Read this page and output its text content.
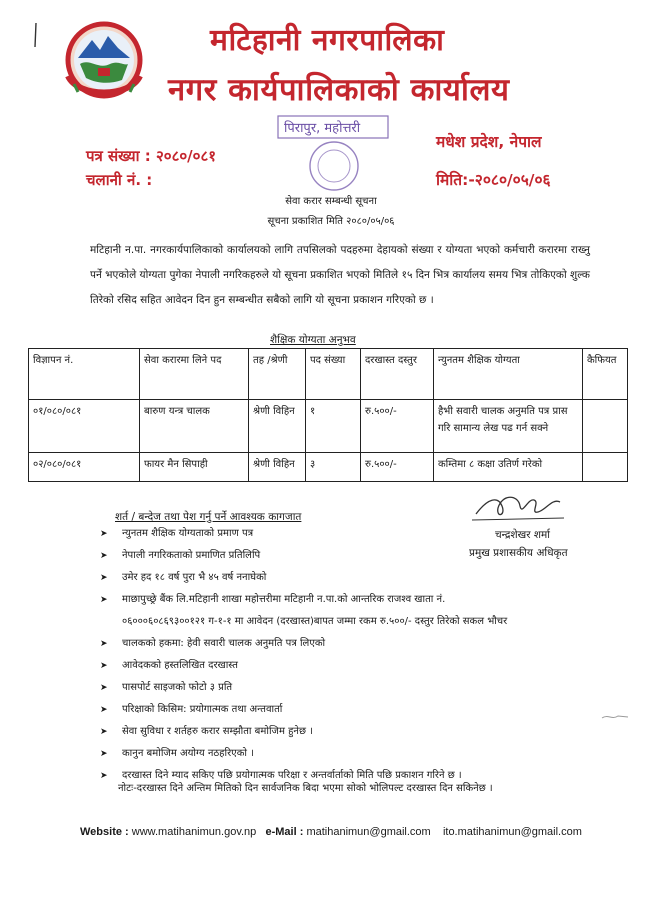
मटिहानी नगरपालिका
नगर कार्यपालिकाको कार्यालय
पत्र संख्या : २०८०/०८१
चलानी नं. :
मधेश प्रदेश, नेपाल
मिति:-२०८०/०५/०६
पिरापुर, महोत्तरी
सेवा करार सम्बन्धी सूचना
सूचना प्रकाशित मिति २०८०/०५/०६
मटिहानी न.पा. नगरकार्यपालिकाको कार्यालयको लागि तपसिलको पदहरुमा देहायको संख्या र योग्यता भएको कर्मचारी करारमा राख्नु पर्ने भएकोले योग्यता पुगेका नेपाली नगरिकहरुले यो सूचना प्रकाशित भएको मितिले १५ दिन भित्र कार्यालय समय भित्र तोकिएको शुल्क तिरेको रसिद सहित आवेदन दिन हुन सम्बन्धीत सबैको लागि यो सूचना प्रकाशन गरिएको छ ।
शैक्षिक योग्यता अनुभव
विज्ञापन नं.	सेवा करारमा लिने पद	तह /श्रेणी	पद संख्या	दरखास्त दस्तुर	न्युनतम शैक्षिक योग्यता	कैफियत
०१/०८०/०८१	बारुण यन्त्र चालक	श्रेणी विहिन	१	रु.५००/-	हैभी सवारी चालक अनुमति पत्र प्रास गरि सामान्य लेख पढ गर्न सक्ने	
०२/०८०/०८१	फायर मैन सिपाही	श्रेणी विहिन	३	रु.५००/-	कम्तिमा ८ कक्षा उतिर्ण गरेको	
चन्द्रशेखर शर्मा
प्रमुख प्रशासकीय अधिकृत
शर्त / बन्देज तथा पेश गर्नु पर्ने आवश्यक कागजात
➤ न्युनतम शैक्षिक योग्यताको प्रमाण पत्र
➤ नेपाली नगरिकताको प्रमाणित प्रतिलिपि
➤ उमेर हद १८ वर्ष पुरा भै ४५ वर्ष ननाघेको
➤ माछापुच्छ्रे बैंक लि.मटिहानी शाखा महोत्तरीमा मटिहानी न.पा.को आन्तरिक राजश्व खाता नं.
०६०००६०८६९३००१२१ ग-१-१ मा आवेदन (दरखास्त)बापत जम्मा रकम रु.५००/- दस्तुर तिरेको सकल भौचर
➤ चालकको हकमा: हेवी सवारी चालक अनुमति पत्र लिएको
➤ आवेदकको हस्तलिखित दरखास्त
➤ पासपोर्ट साइजको फोटो ३ प्रति
➤ परिक्षाको किसिम: प्रयोगात्मक तथा अन्तवार्ता
➤ सेवा सुविधा र शर्तहरु करार सम्झौता बमोजिम हुनेछ ।
➤ कानुन बमोजिम अयोग्य नठहरिएको ।
➤ दरखास्त दिने म्याद सकिए पछि प्रयोगात्मक परिक्षा र अन्तर्वार्ताको मिति पछि प्रकाशन गरिने छ ।
नोटः-दरखास्त दिने अन्तिम मितिको दिन सार्वजनिक बिदा भएमा सोको भोलिपल्ट दरखास्त दिन सकिनेछ ।
Website : www.matihanimun.gov.np e-Mail : matihanimun@gmail.com ito.matihanimun@gmail.com
